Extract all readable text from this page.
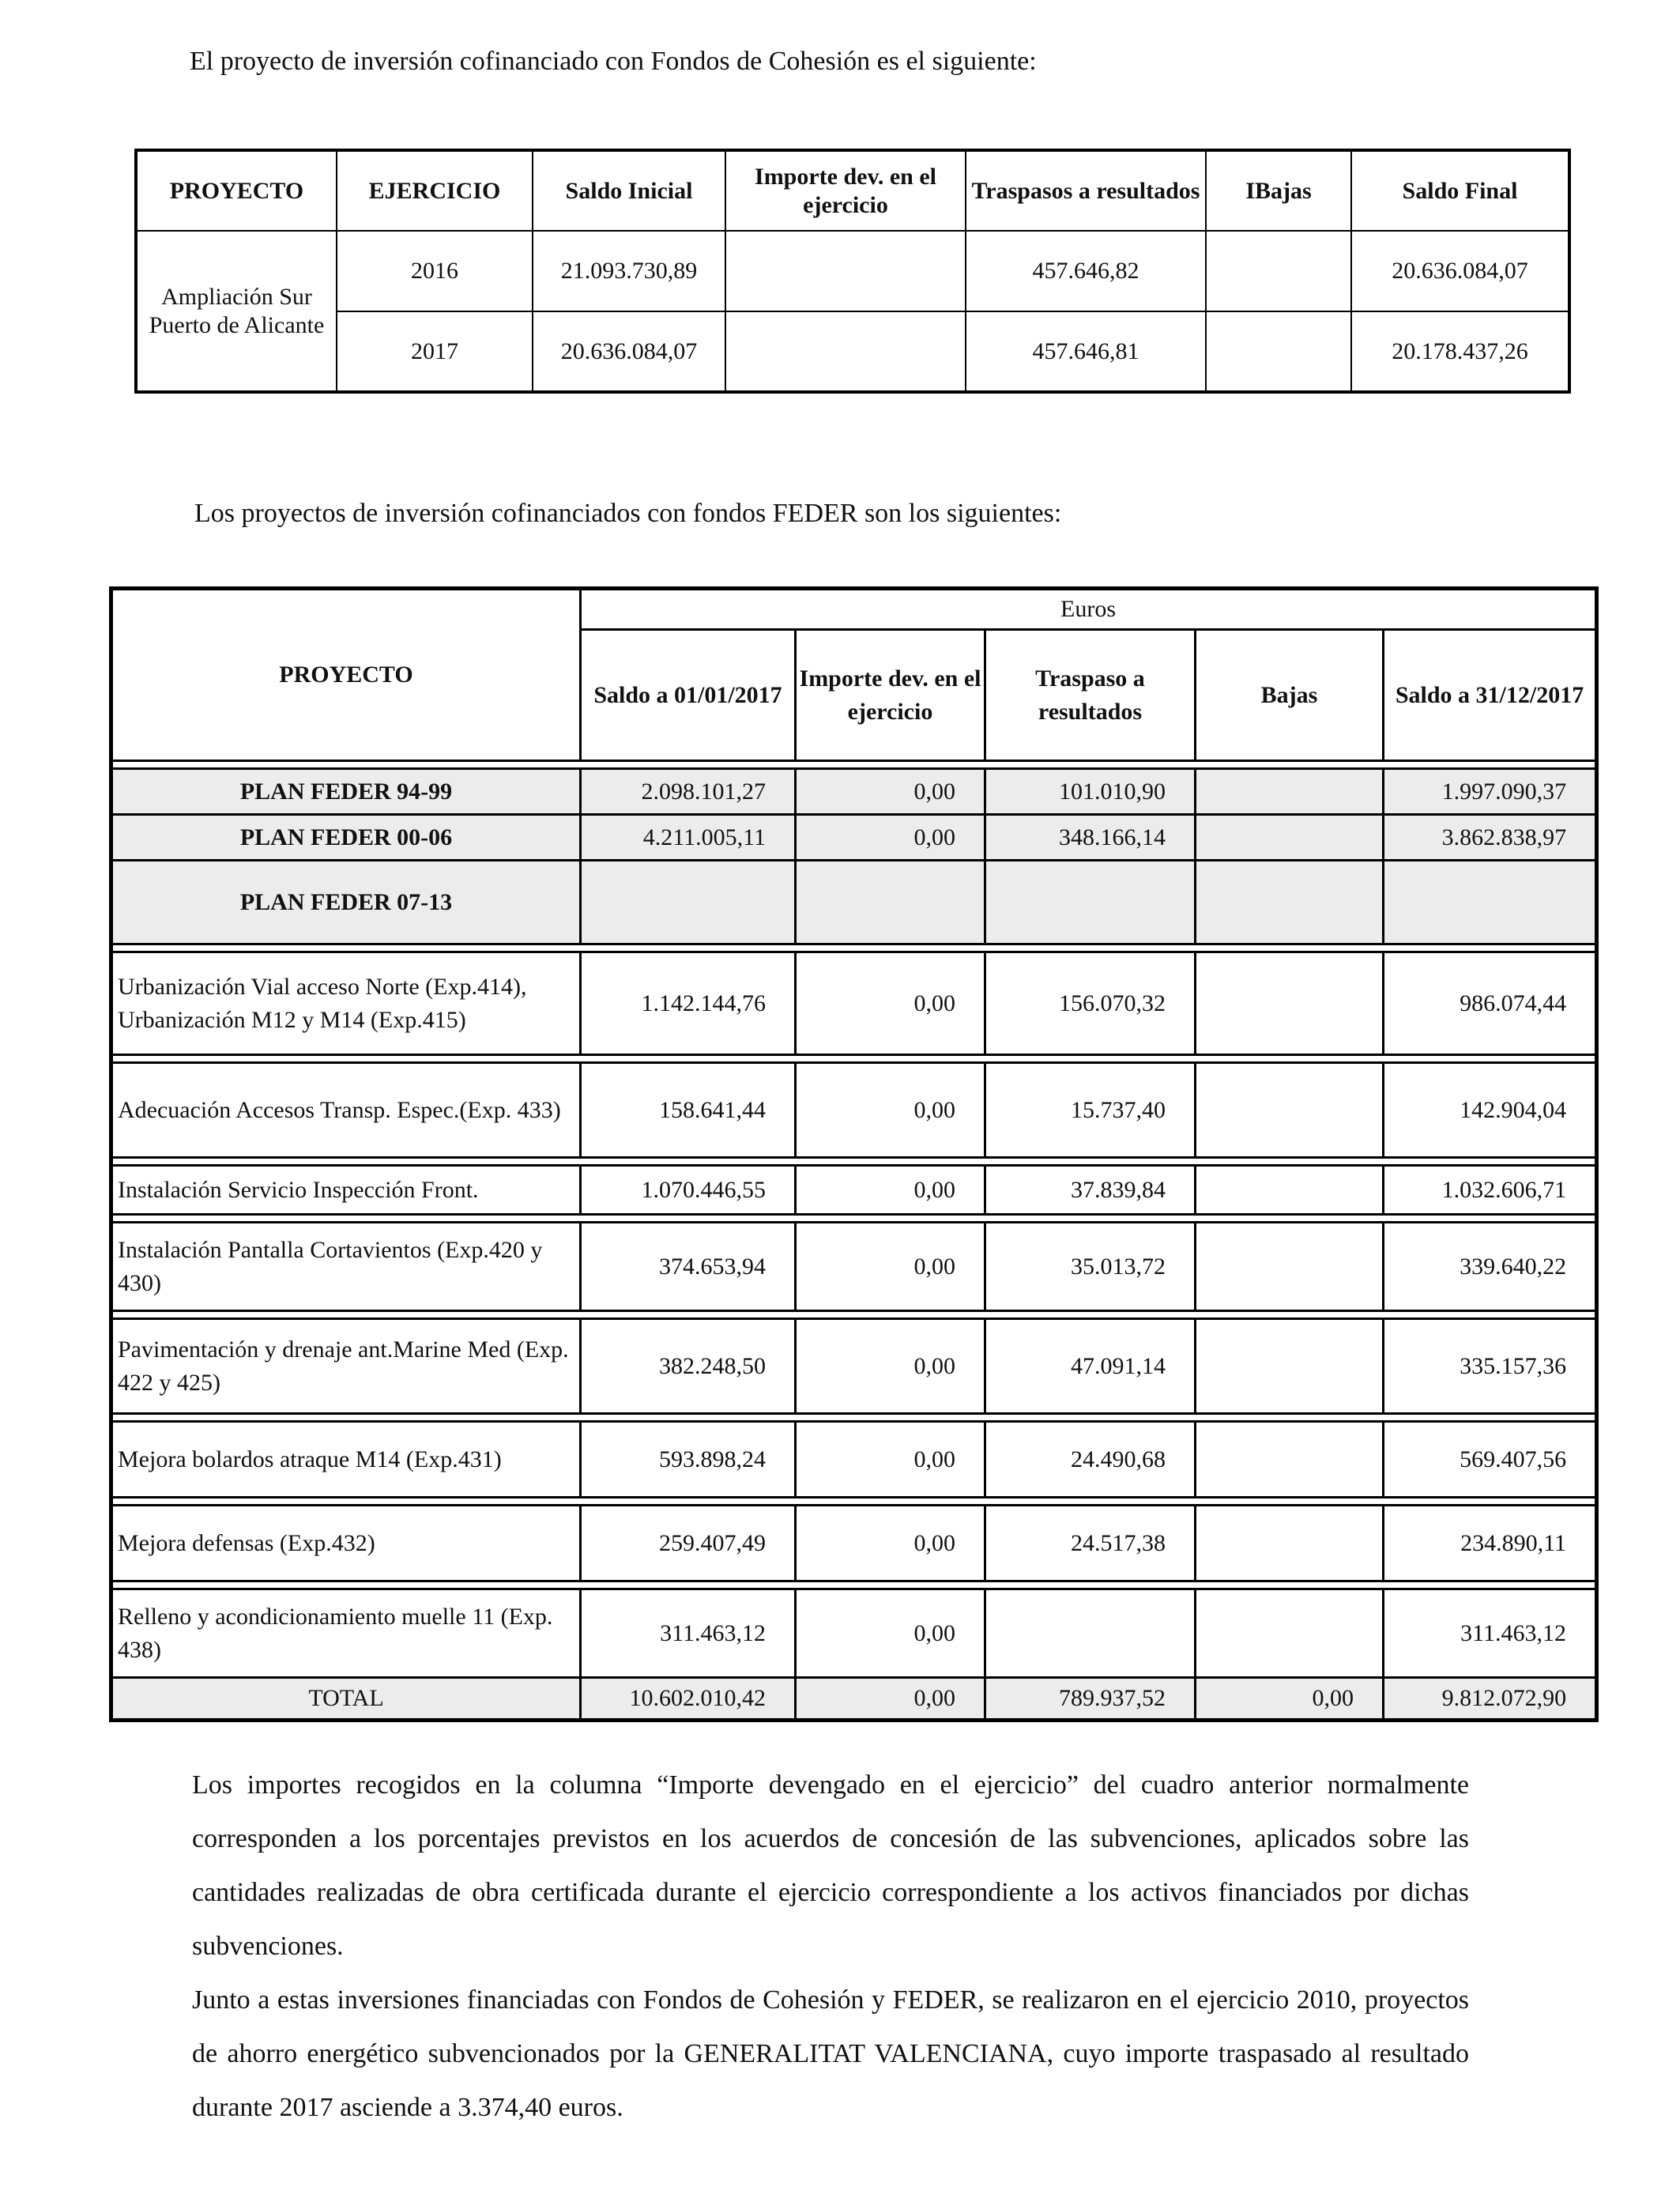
El proyecto de inversión cofinanciado con Fondos de Cohesión es el siguiente:
PROYECTO	EJERCICIO	Saldo Inicial	Importe dev. en el ejercicio	Traspasos a resultados	IBajas	Saldo Final
Ampliación Sur Puerto de Alicante	2016	21.093.730,89		457.646,82		20.636.084,07
	2017	20.636.084,07		457.646,81		20.178.437,26
Los proyectos de inversión cofinanciados con fondos FEDER son los siguientes:
PROYECTO	Euros				
	Saldo a 01/01/2017	Importe dev. en el ejercicio	Traspaso a resultados	Bajas	Saldo a 31/12/2017

PLAN FEDER 94-99	2.098.101,27	0,00	101.010,90		1.997.090,37
PLAN FEDER 00-06	4.211.005,11	0,00	348.166,14		3.862.838,97
PLAN FEDER 07-13					

Urbanización Vial acceso Norte (Exp.414), Urbanización M12 y M14 (Exp.415)	1.142.144,76	0,00	156.070,32		986.074,44

Adecuación Accesos Transp. Espec.(Exp. 433)	158.641,44	0,00	15.737,40		142.904,04

Instalación Servicio Inspección Front.	1.070.446,55	0,00	37.839,84		1.032.606,71

Instalación Pantalla Cortavientos (Exp.420 y 430)	374.653,94	0,00	35.013,72		339.640,22

Pavimentación y drenaje ant.Marine Med (Exp. 422 y 425)	382.248,50	0,00	47.091,14		335.157,36

Mejora bolardos atraque M14 (Exp.431)	593.898,24	0,00	24.490,68		569.407,56

Mejora defensas (Exp.432)	259.407,49	0,00	24.517,38		234.890,11

Relleno y acondicionamiento muelle 11 (Exp. 438)	311.463,12	0,00			311.463,12
TOTAL	10.602.010,42	0,00	789.937,52	0,00	9.812.072,90

Los importes recogidos en la columna “Importe devengado en el ejercicio” del cuadro anterior normalmente corresponden a los porcentajes previstos en los acuerdos de concesión de las subvenciones, aplicados sobre las cantidades realizadas de obra certificada durante el ejercicio correspondiente a los activos financiados por dichas subvenciones.

Junto a estas inversiones financiadas con Fondos de Cohesión y FEDER, se realizaron en el ejercicio 2010, proyectos de ahorro energético subvencionados por la GENERALITAT VALENCIANA, cuyo importe traspasado al resultado durante 2017 asciende a 3.374,40 euros.
